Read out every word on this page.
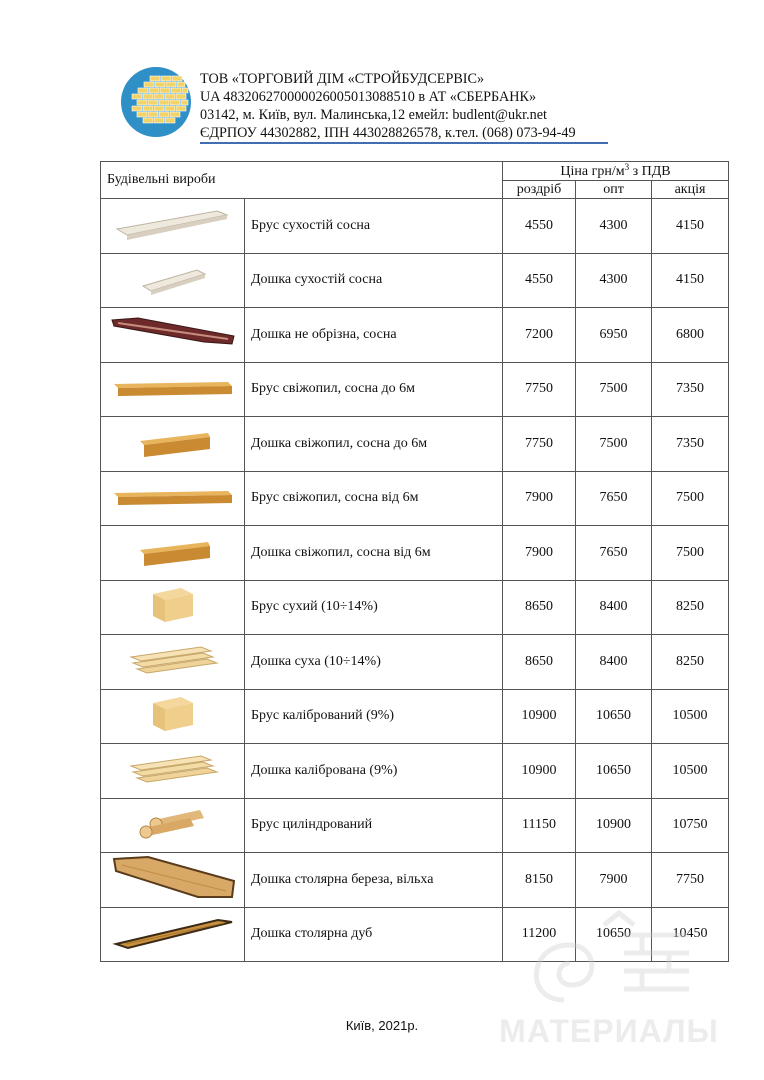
ТОВ «ТОРГОВИЙ ДІМ «СТРОЙБУДСЕРВІС»
UA 483206270000026005013088510 в АТ «СБЕРБАНК»
03142, м. Київ, вул. Малинська,12 емейл: budlent@ukr.net
ЄДРПОУ 44302882, ІПН 443028826578, к.тел. (068) 073-94-49
Будівельні вироби		Ціна грн/$м^3$ з ПДВ		
		роздріб	опт	акція
	Брус сухостій сосна	4550	4300	4150
	Дошка сухостій сосна	4550	4300	4150
	Дошка не обрізна, сосна	7200	6950	6800
	Брус свіжопил, сосна до 6м	7750	7500	7350
	Дошка свіжопил, сосна до 6м	7750	7500	7350
	Брус свіжопил, сосна від 6м	7900	7650	7500
	Дошка свіжопил, сосна від 6м	7900	7650	7500
	Брус сухий (10÷14%)	8650	8400	8250
	Дошка суха (10÷14%)	8650	8400	8250
	Брус калібрований (9%)	10900	10650	10500
	Дошка калібрована (9%)	10900	10650	10500
	Брус циліндрований	11150	10900	10750
	Дошка столярна береза, вільха	8150	7900	7750
	Дошка столярна дуб	11200	10650	10450
МАТЕРИАЛЫ
Київ, 2021р.
